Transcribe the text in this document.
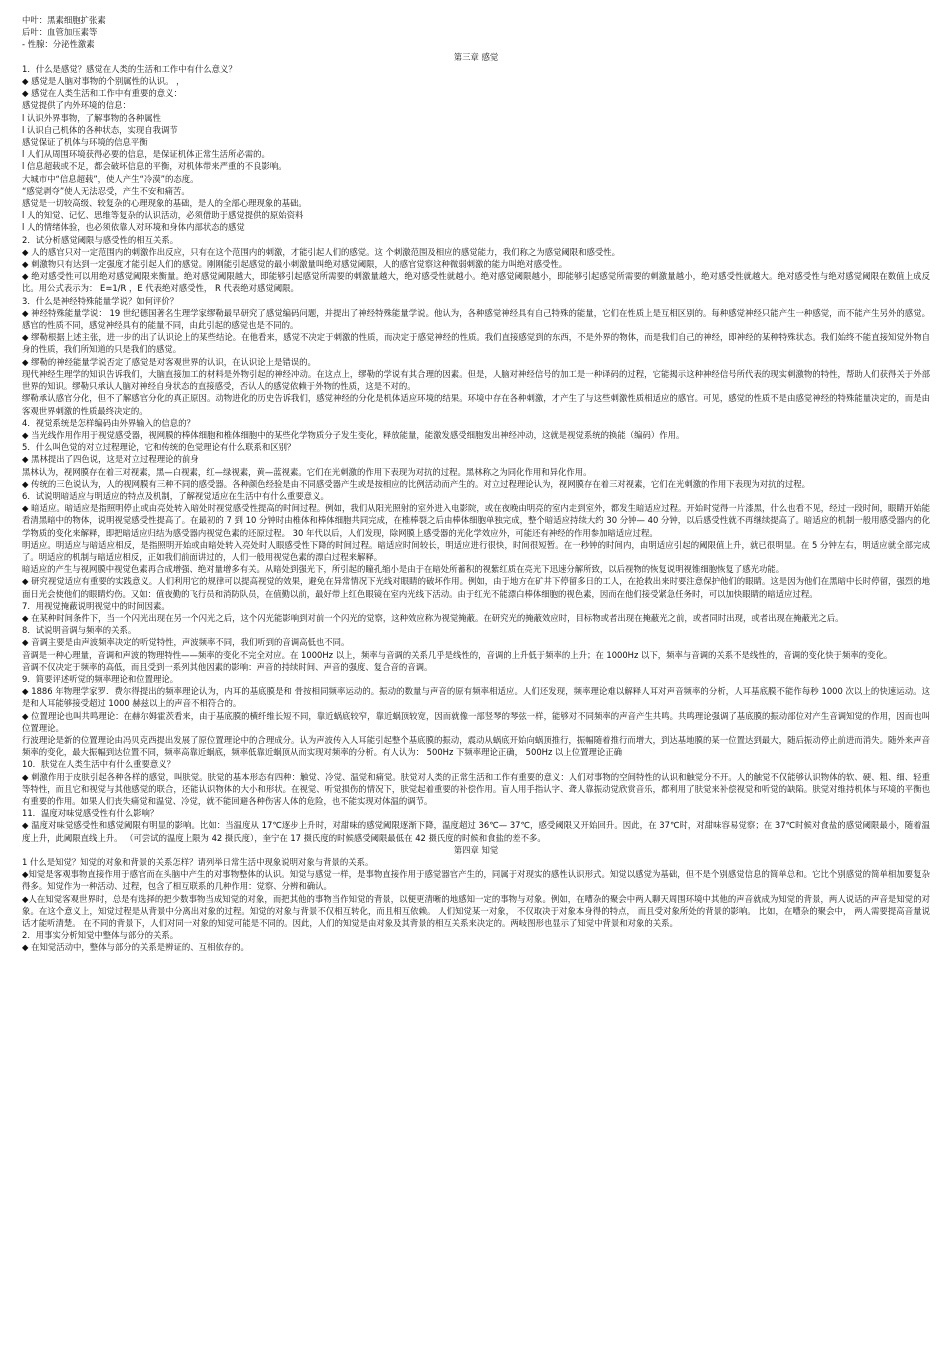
中叶：黑素细胞扩张素
后叶：血管加压素等
- 性腺：分泌性激素
第三章 感觉
1．什么是感觉？感觉在人类的生活和工作中有什么意义？
◆ 感觉是人脑对事物的个别属性的认识。 ，
◆ 感觉在人类生活和工作中有重要的意义：
感觉提供了内外环境的信息：
l 认识外界事物，了解事物的各种属性
l 认识自己机体的各种状态，实现自我调节
感觉保证了机体与环境的信息平衡
l 人们从周围环境获得必要的信息，是保证机体正常生活所必需的。
l 信息超载或不足，都会破坏信息的平衡，对机体带来严重的不良影响。
大城市中“信息超载”，使人产生“冷漠”的态度。
“感觉剥夺”使人无法忍受，产生不安和痛苦。
感觉是一切较高级、较复杂的心理现象的基础，是人的全部心理现象的基础。
l 人的知觉、记忆、思维等复杂的认识活动，必须借助于感觉提供的原始资料
l 人的情绪体验，也必须依靠人对环境和身体内部状态的感觉
2．试分析感觉阈限与感受性的相互关系。
◆ 人的感官只对一定范围内的刺激作出反应，只有在这个范围内的刺激，才能引起人们的感觉。这 个刺激范围及相应的感觉能力，我们称之为感觉阈限和感受性。
◆ 刺激物只有达到一定强度才能引起人们的感觉。刚刚能引起感觉的最小刺激量叫绝对感觉阈限，人的感官觉察这种微弱刺激的能力叫绝对感受性。
◆ 绝对感受性可以用绝对感觉阈限来衡量。绝对感觉阈限越大，即能够引起感觉所需要的刺激量越大，绝对感受性就越小。绝对感觉阈限越小，即能够引起感觉所需要的刺激量越小，绝对感受性就越大。绝对感受性与绝对感觉阈限在数值上成反比。用公式表示为： E=1/R ，E 代表绝对感受性， R 代表绝对感觉阈限。
3．什么是神经特殊能量学说？如何评价？
◆ 神经特殊能量学说： 19 世纪德国著名生理学家缪勒最早研究了感觉编码问题，并提出了神经特殊能量学说。他认为，各种感觉神经具有自己特殊的能量，它们在性质上是互相区别的。每种感觉神经只能产生一种感觉，而不能产生另外的感觉。感官的性质不同，感觉神经具有的能量不同，由此引起的感觉也是不同的。
◆ 缪勒根据上述主张，进一步的出了认识论上的某些结论。在他看来，感觉不决定于刺激的性质，而决定于感觉神经的性质。我们直接感觉到的东西，不是外界的物体，而是我们自己的神经，即神经的某种特殊状态。我们始终不能直接知觉外物自身的性质，我们所知道的只是我们的感觉。
◆ 缪勒的神经能量学说否定了感觉是对客观世界的认识，在认识论上是错误的。
现代神经生理学的知识告诉我们，大脑直接加工的材料是外物引起的神经冲动。在这点上，缪勒的学说有其合理的因素。但是，人脑对神经信号的加工是一种译码的过程，它能揭示这种神经信号所代表的现实刺激物的特性，帮助人们获得关于外部世界的知识。缪勒只承认人脑对神经自身状态的直接感受，否认人的感觉依赖于外物的性质，这是不对的。
缪勒承认感官分化，但不了解感官分化的真正原因。动物进化的历史告诉我们，感觉神经的分化是机体适应环境的结果。环境中存在各种刺激，才产生了与这些刺激性质相适应的感官。可见，感觉的性质不是由感觉神经的特殊能量决定的，而是由客观世界刺激的性质最终决定的。
4．视觉系统是怎样编码由外界输入的信息的？
◆ 当光线作用作用于视觉感受器，视网膜的棒体细胞和椎体细胞中的某些化学物质分子发生变化，释放能量，能激发感受细胞发出神经冲动，这就是视觉系统的换能（编码）作用。
5．什么叫色觉的对立过程理论，它和传统的色觉理论有什么联系和区别？
◆ 黑林提出了四色说，这是对立过程理论的前身
黑林认为，视网膜存在着三对视素，黑—白视素，红—绿视素，黄—蓝视素。它们在光刺激的作用下表现为对抗的过程。黑林称之为同化作用和异化作用。
◆ 传统的三色说认为，人的视网膜有三种不同的感受器。各种颜色经验是由不同感受器产生或是按相应的比例活动而产生的。对立过程理论认为，视网膜存在着三对视素，它们在光刺激的作用下表现为对抗的过程。
6．试说明暗适应与明适应的特点及机制，了解视觉适应在生活中有什么重要意义。
◆ 暗适应。暗适应是指照明停止或由亮处转入暗处时视觉感受性提高的时间过程。例如，我们从阳光照射的室外进入电影院，或在夜晚由明亮的室内走到室外，都发生暗适应过程。开始时觉得一片漆黑，什么也看不见，经过一段时间，眼睛开始能看清黑暗中的物体，说明视觉感受性提高了。在最初的 7 到 10 分钟时由椎体和棒体细胞共同完成，在椎棒裂之后由棒体细胞单独完成，整个暗适应持续大约 30 分钟— 40 分钟，以后感受性就不再继续提高了。暗适应的机制一般用感受器内的化学物质的变化来解释，即把暗适应归结为感受器内视觉色素的还原过程。 30 年代以后，人们发现，除网膜上感受器的光化学效应外，可能还有神经的作用参加暗适应过程。
明适应。明适应与暗适应相反，是指照明开始或由暗处转入亮处时人眼感受性下降的时间过程。暗适应时间较长，明适应进行很快，时间很短暂。在一秒钟的时间内，由明适应引起的阈限值上升，就已很明显。在 5 分钟左右，明适应就全部完成了。明适应的机制与暗适应相反，正如我们前面讲过的，人们一般用视觉色素的漂白过程来解释。
暗适应的产生与视网膜中视觉色素再合成增强、绝对量增多有关。从暗处到强光下，所引起的瞳孔缩小是由于在暗处所蓄积的视紫红质在亮光下迅速分解所致，以后视物的恢复说明视锥细胞恢复了感光功能。
◆ 研究视觉适应有重要的实践意义。人们利用它的规律可以提高视觉的效果，避免在异常情况下光线对眼睛的破坏作用。例如，由于地方在矿井下停留多日的工人，在抢救出来时要注意保护他们的眼睛。这是因为他们在黑暗中长时停留，强烈的地面日光会使他们的眼睛灼伤。又如：值夜勤的飞行员和消防队员，在值勤以前，最好带上红色眼镜在室内光线下活动。由于红光不能漂白棒体细胞的视色素，因而在他们接受紧急任务时，可以加快眼睛的暗适应过程。
7．用视觉掩蔽说明视觉中的时间因素。
◆ 在某种时间条件下，当一个闪光出现在另一个闪光之后，这个闪光能影响到对前一个闪光的觉察，这种效应称为视觉掩蔽。在研究光的掩蔽效应时，目标物或者出现在掩蔽光之前，或者同时出现，或者出现在掩蔽光之后。
8．试说明音调与频率的关系。
◆ 音调主要是由声波频率决定的听觉特性，声波频率不同，我们听到的音调高低也不同。
音调是一种心理量，音调和声波的物理特性——频率的变化不完全对应。在 1000Hz 以上，频率与音调的关系几乎是线性的，音调的上升低于频率的上升；在 1000Hz 以下，频率与音调的关系不是线性的，音调的变化快于频率的变化。
音调不仅决定于频率的高低，而且受到一系列其他因素的影响：声音的持续时间、声音的强度、复合音的音调。
9．简要评述听觉的频率理论和位置理论。
◆ 1886 年物理学家罗．费尔得提出的频率理论认为，内耳的基底膜是和 骨按相同频率运动的。振动的数量与声音的原有频率相适应。人们还发现，频率理论难以解释人耳对声音频率的分析，人耳基底膜不能作每秒 1000 次以上的快速运动。这是和人耳能够接受超过 1000 赫兹以上的声音不相符合的。
◆ 位置理论也叫共鸣理论：在赫尔姆霍茨看来，由于基底膜的横纤维长短不同，靠近蜗底较窄，靠近蜗顶较宽，因而就像一部竖琴的琴弦一样，能够对不同频率的声音产生共鸣。共鸣理论强调了基底膜的振动部位对产生音调知觉的作用，因而也叫位置理论。
行波理论是新的位置理论由冯贝克西提出发展了原位置理论中的合理成分。认为声波传入人耳能引起整个基底膜的振动，震动从蜗底开始向蜗顶推行，振幅随着推行而增大，到达基地膜的某一位置达到最大，随后振动停止前进而消失。随外来声音频率的变化，最大振幅到达位置不同，频率高靠近蜗底，频率低靠近蜗顶从而实现对频率的分析。有人认为： 500Hz 下频率理论正确， 500Hz 以上位置理论正确
10．肤觉在人类生活中有什么重要意义？
◆ 刺激作用于皮肤引起各种各样的感觉，叫肤觉。肤觉的基本形态有四种：触觉、冷觉、温觉和痛觉。肤觉对人类的正常生活和工作有重要的意义：人们对事物的空间特性的认识和触觉分不开。人的触觉不仅能够认识物体的软、硬、粗、细、轻重等特性，而且它和视觉与其他感觉的联合，还能认识物体的大小和形状。在视觉、听觉损伤的情况下，肤觉起着重要的补偿作用。盲人用手指认字、聋人靠振动觉欣赏音乐，都利用了肤觉来补偿视觉和听觉的缺陷。肤觉对维持机体与环境的平衡也有重要的作用。如果人们丧失痛觉和温觉、冷觉，就不能回避各种伤害人体的危险，也不能实现对体温的调节。
11．温度对味觉感受性有什么影响？
◆ 温度对味觉感受性和感觉阈限有明显的影响。比如：当温度从 17℃逐步上升时，对甜味的感觉阈限逐渐下降，温度超过 36℃— 37℃，感受阈限又开始回升。因此，在 37℃时，对甜味容易觉察；在 37℃时候对食盐的感觉阈限最小，随着温度上升，此阈限直线上升。 （可尝试的温度上限为 42 摄氏度），奎宁在 17 摄氏度的时候感受阈限最低在 42 摄氏度的时候和食盐的差不多。
第四章 知觉
1 什么是知觉？知觉的对象和背景的关系怎样？请列举日常生活中现象说明对象与背景的关系。
◆知觉是客观事物直接作用于感官而在头脑中产生的对事物整体的认识。知觉与感觉一样，是事物直接作用于感觉器官产生的，同属于对现实的感性认识形式。知觉以感觉为基础，但不是个别感觉信息的简单总和。它比个别感觉的简单相加要复杂得多。知觉作为一种活动、过程，包含了相互联系的几种作用：觉察、分辨和确认。
◆人在知觉客观世界时，总是有选择的把少数事物当成知觉的对象，而把其他的事物当作知觉的背景，以便更清晰的地感知一定的事物与对象。例如，在嘈杂的聚会中两人聊天周围环境中其他的声音就成为知觉的背景，两人说话的声音是知觉的对象。在这个意义上，知觉过程是从背景中分离出对象的过程。知觉的对象与背景不仅相互转化，而且相互依赖。 人们知觉某一对象， 不仅取决于对象本身得的特点， 而且受对象所处的背景的影响。 比如，在嘈杂的聚会中， 两人需要提高音量说话才能听清楚。 在不同的背景下，人们对同一对象的知觉可能是不同的。因此，人们的知觉是由对象及其背景的相互关系来决定的。两岐图形也显示了知觉中背景和对象的关系。
2．用事实分析知觉中整体与部分的关系。
◆ 在知觉活动中，整体与部分的关系是辨证的、互相依存的。
